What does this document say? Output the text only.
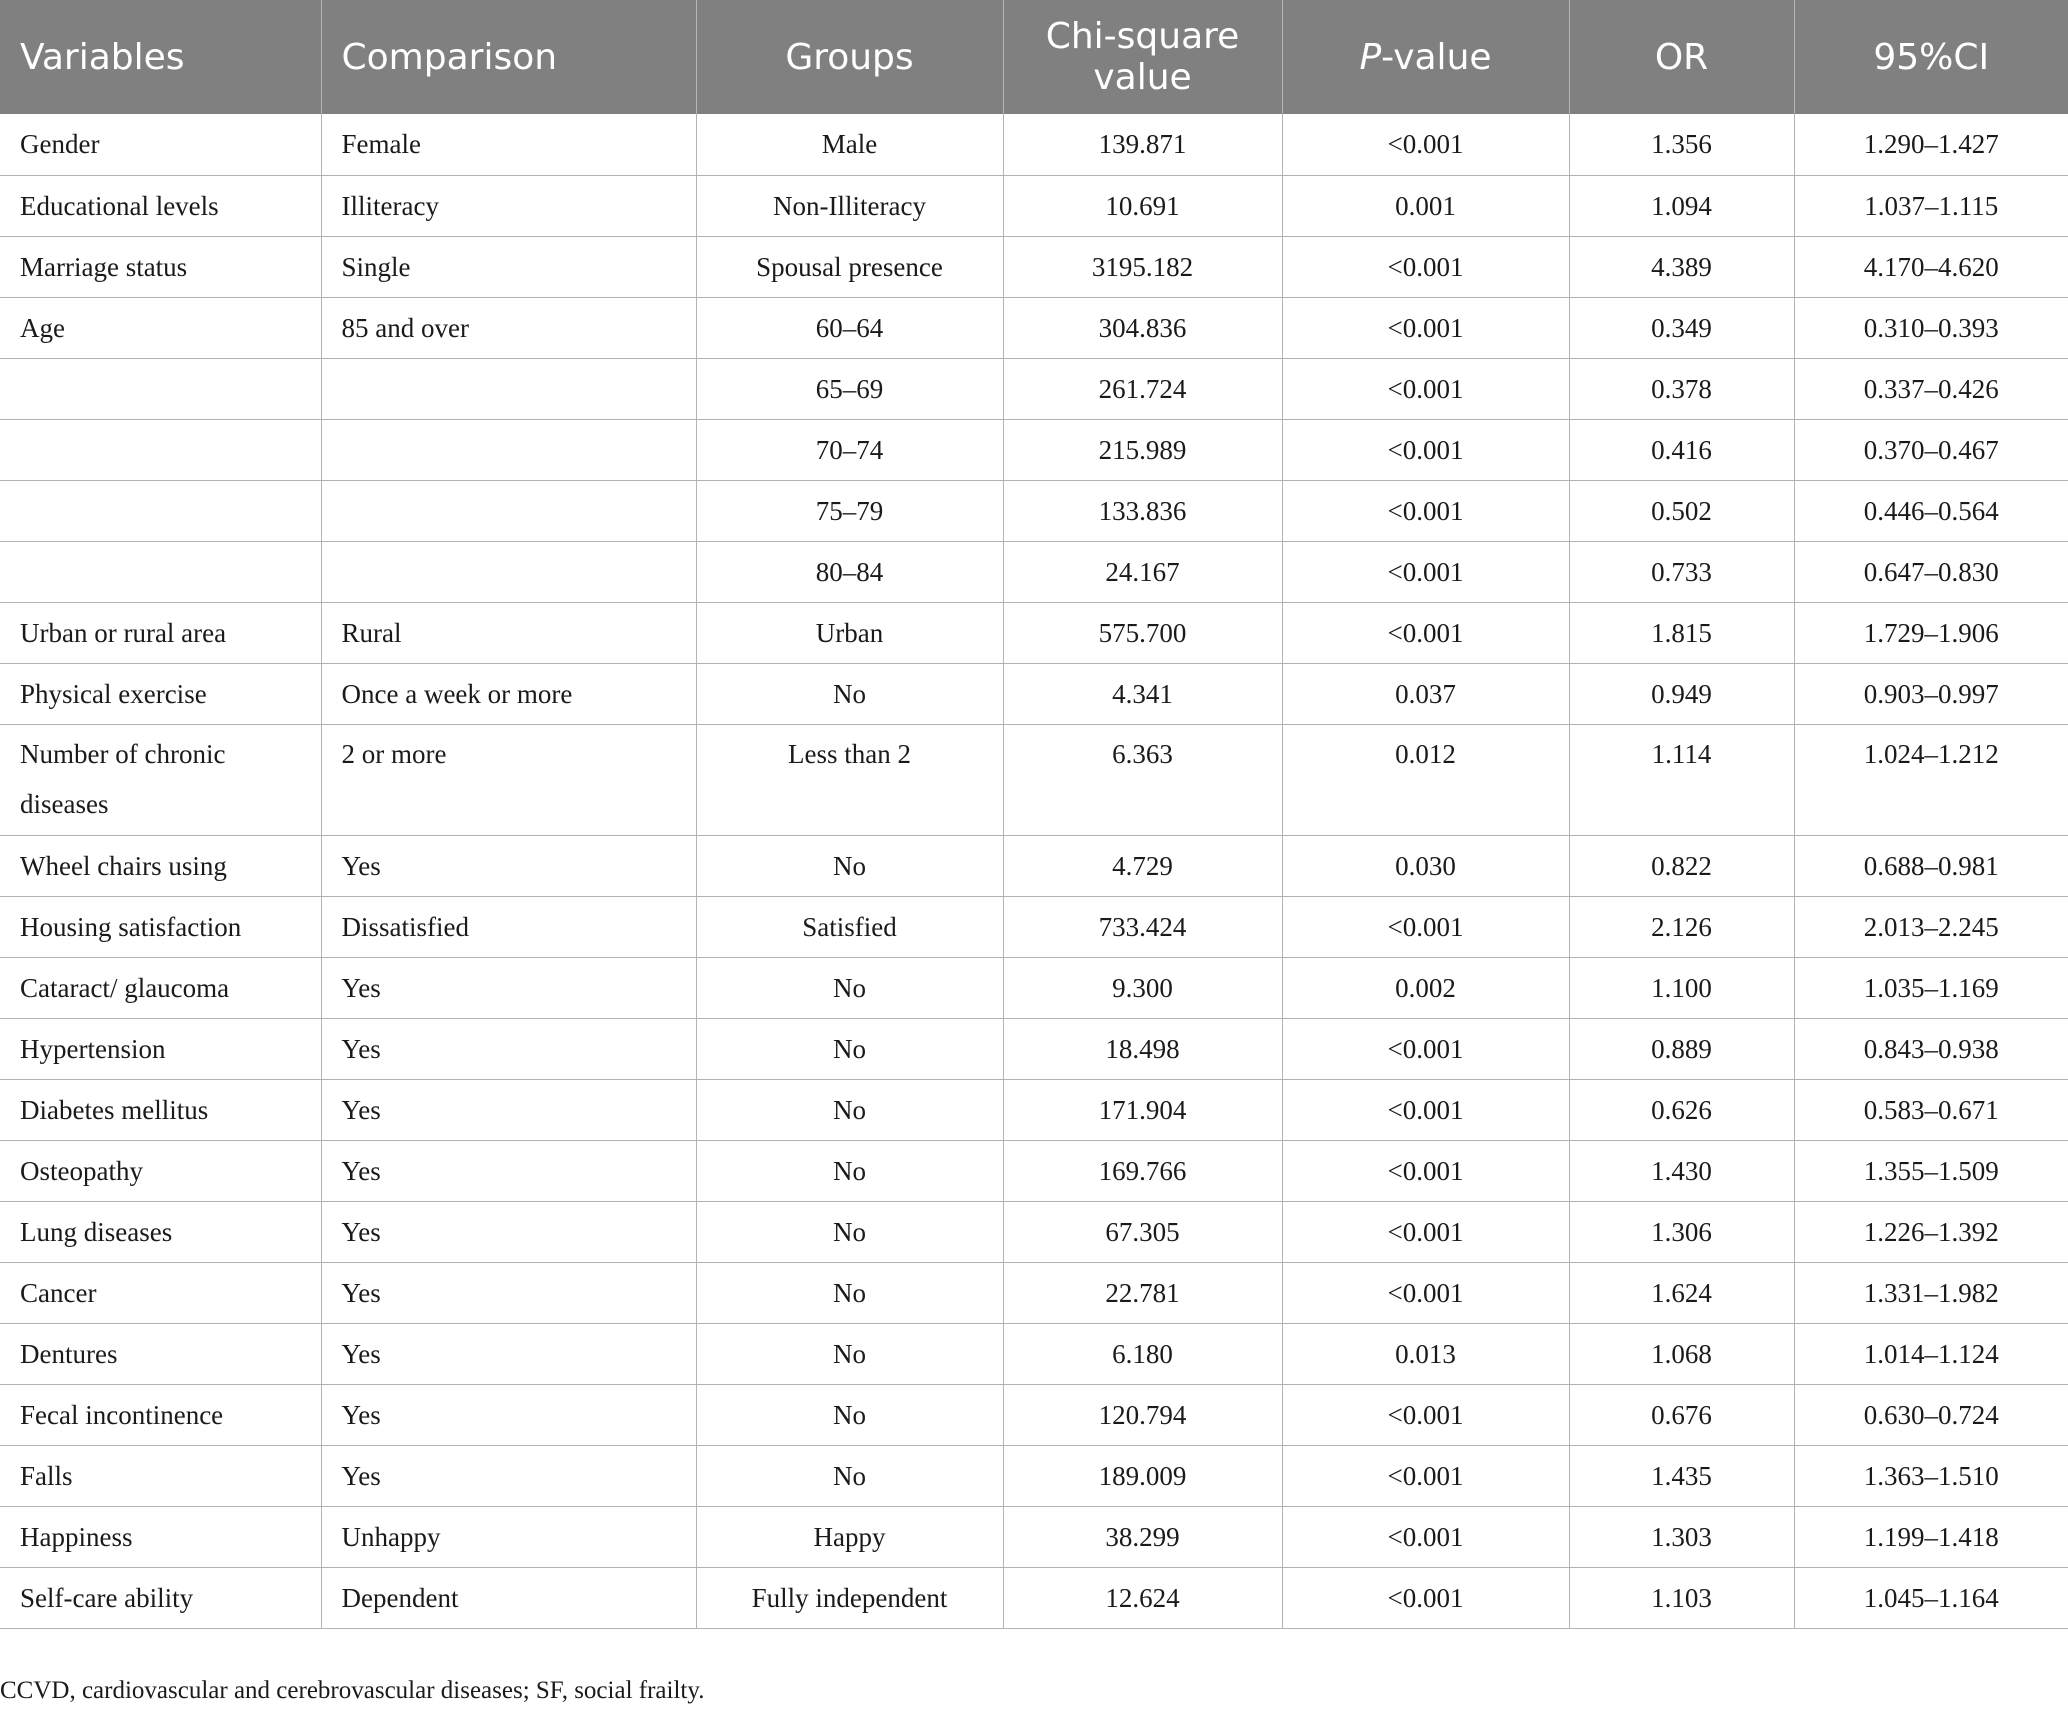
Variables	Comparison	Groups	Chi-square value	P-value	OR	95%CI
Gender	Female	Male	139.871	<0.001	1.356	1.290–1.427
Educational levels	Illiteracy	Non-Illiteracy	10.691	0.001	1.094	1.037–1.115
Marriage status	Single	Spousal presence	3195.182	<0.001	4.389	4.170–4.620
Age	85 and over	60–64	304.836	<0.001	0.349	0.310–0.393
		65–69	261.724	<0.001	0.378	0.337–0.426
		70–74	215.989	<0.001	0.416	0.370–0.467
		75–79	133.836	<0.001	0.502	0.446–0.564
		80–84	24.167	<0.001	0.733	0.647–0.830
Urban or rural area	Rural	Urban	575.700	<0.001	1.815	1.729–1.906
Physical exercise	Once a week or more	No	4.341	0.037	0.949	0.903–0.997
Number of chronic diseases	2 or more	Less than 2	6.363	0.012	1.114	1.024–1.212
Wheel chairs using	Yes	No	4.729	0.030	0.822	0.688–0.981
Housing satisfaction	Dissatisfied	Satisfied	733.424	<0.001	2.126	2.013–2.245
Cataract/ glaucoma	Yes	No	9.300	0.002	1.100	1.035–1.169
Hypertension	Yes	No	18.498	<0.001	0.889	0.843–0.938
Diabetes mellitus	Yes	No	171.904	<0.001	0.626	0.583–0.671
Osteopathy	Yes	No	169.766	<0.001	1.430	1.355–1.509
Lung diseases	Yes	No	67.305	<0.001	1.306	1.226–1.392
Cancer	Yes	No	22.781	<0.001	1.624	1.331–1.982
Dentures	Yes	No	6.180	0.013	1.068	1.014–1.124
Fecal incontinence	Yes	No	120.794	<0.001	0.676	0.630–0.724
Falls	Yes	No	189.009	<0.001	1.435	1.363–1.510
Happiness	Unhappy	Happy	38.299	<0.001	1.303	1.199–1.418
Self-care ability	Dependent	Fully independent	12.624	<0.001	1.103	1.045–1.164
CCVD, cardiovascular and cerebrovascular diseases; SF, social frailty.
